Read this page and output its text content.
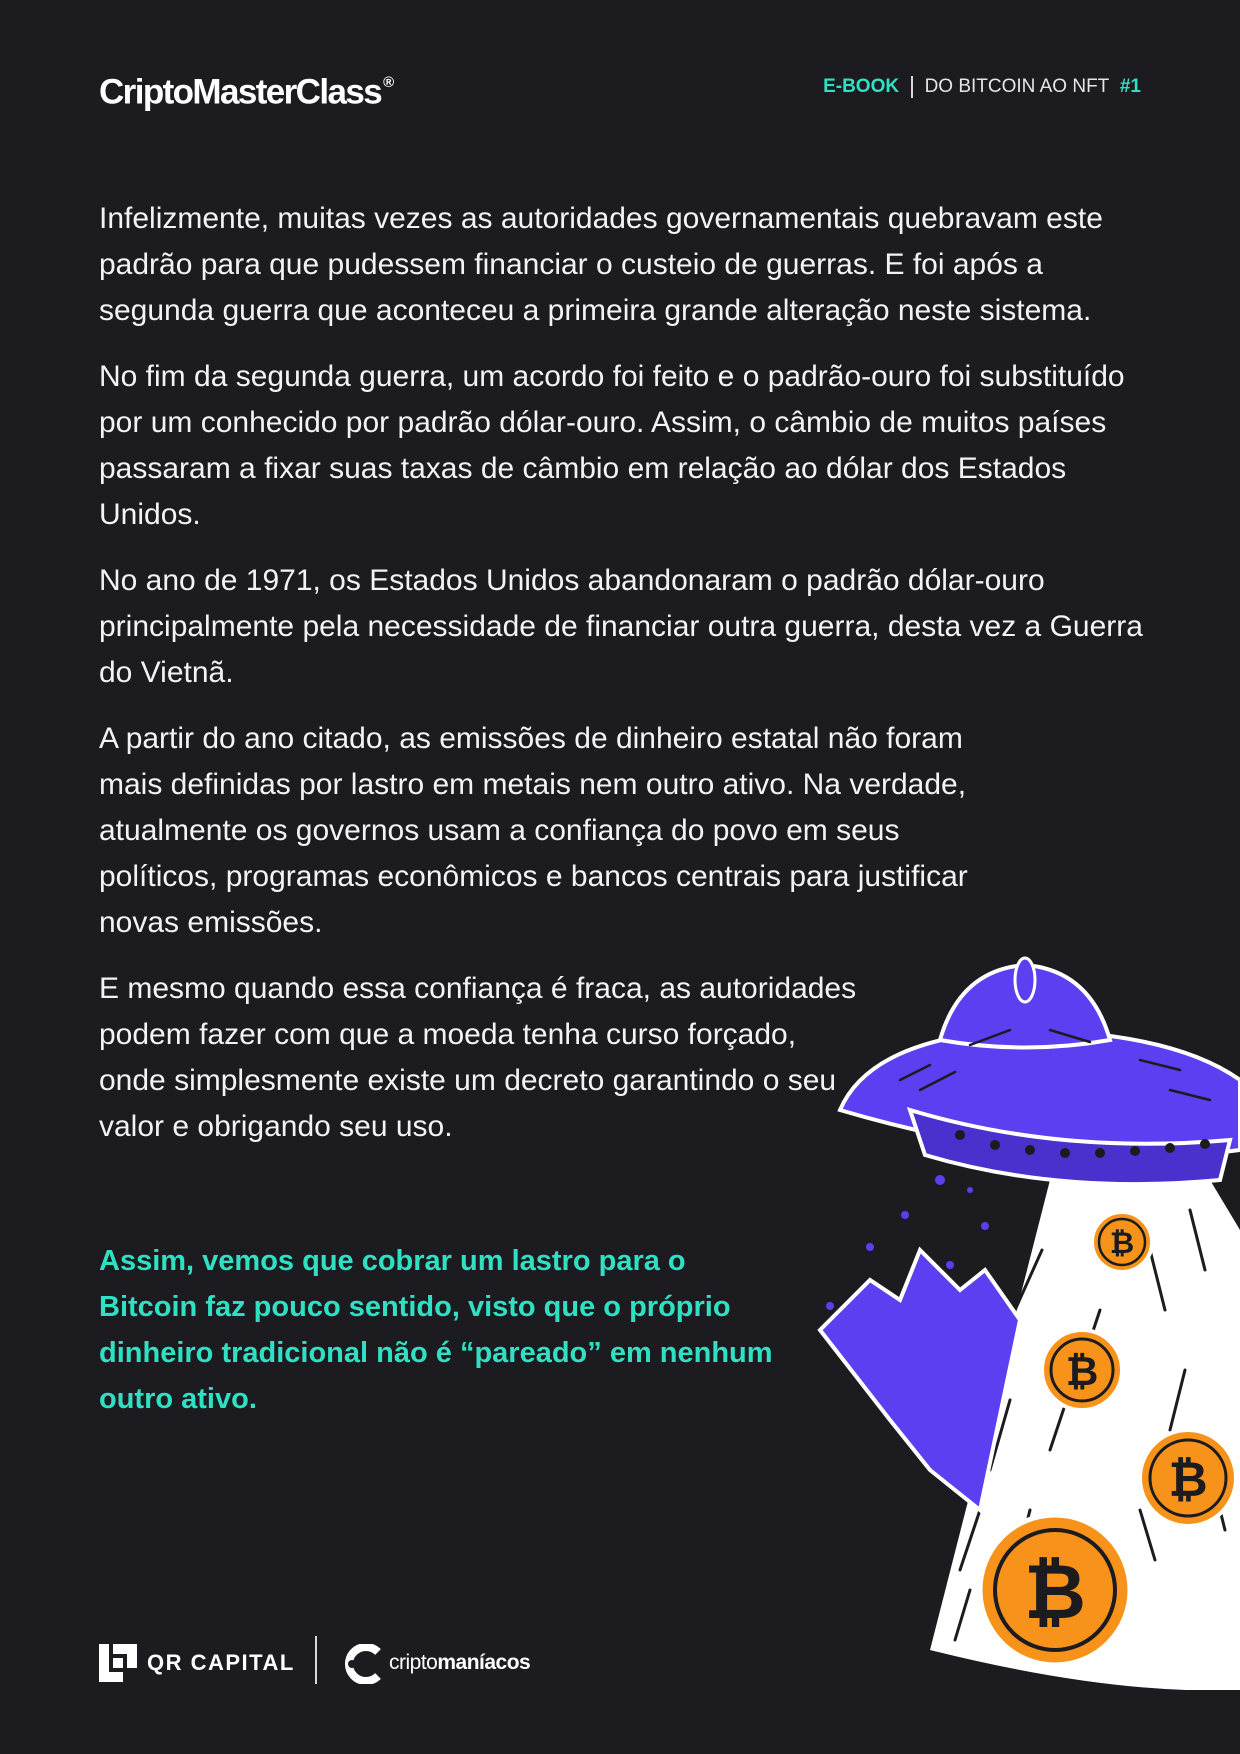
CriptoMasterClass ®	E-BOOK DO BITCOIN AO NFT #1

Infelizmente, muitas vezes as autoridades governamentais quebravam este padrão para que pudessem financiar o custeio de guerras. E foi após a segunda guerra que aconteceu a primeira grande alteração neste sistema.

No fim da segunda guerra, um acordo foi feito e o padrão-ouro foi substituído por um conhecido por padrão dólar-ouro. Assim, o câmbio de muitos países passaram a fixar suas taxas de câmbio em relação ao dólar dos Estados Unidos.

No ano de 1971, os Estados Unidos abandonaram o padrão dólar-ouro principalmente pela necessidade de financiar outra guerra, desta vez a Guerra do Vietnã.

A partir do ano citado, as emissões de dinheiro estatal não foram mais definidas por lastro em metais nem outro ativo. Na verdade, atualmente os governos usam a confiança do povo em seus políticos, programas econômicos e bancos centrais para justificar novas emissões.

E mesmo quando essa confiança é fraca, as autoridades podem fazer com que a moeda tenha curso forçado, onde simplesmente existe um decreto garantindo o seu valor e obrigando seu uso.

Assim, vemos que cobrar um lastro para o Bitcoin faz pouco sentido, visto que o próprio dinheiro tradicional não é “pareado” em nenhum outro ativo.

₿
₿
₿
₿
QR CAPITAL	criptomaníacos
